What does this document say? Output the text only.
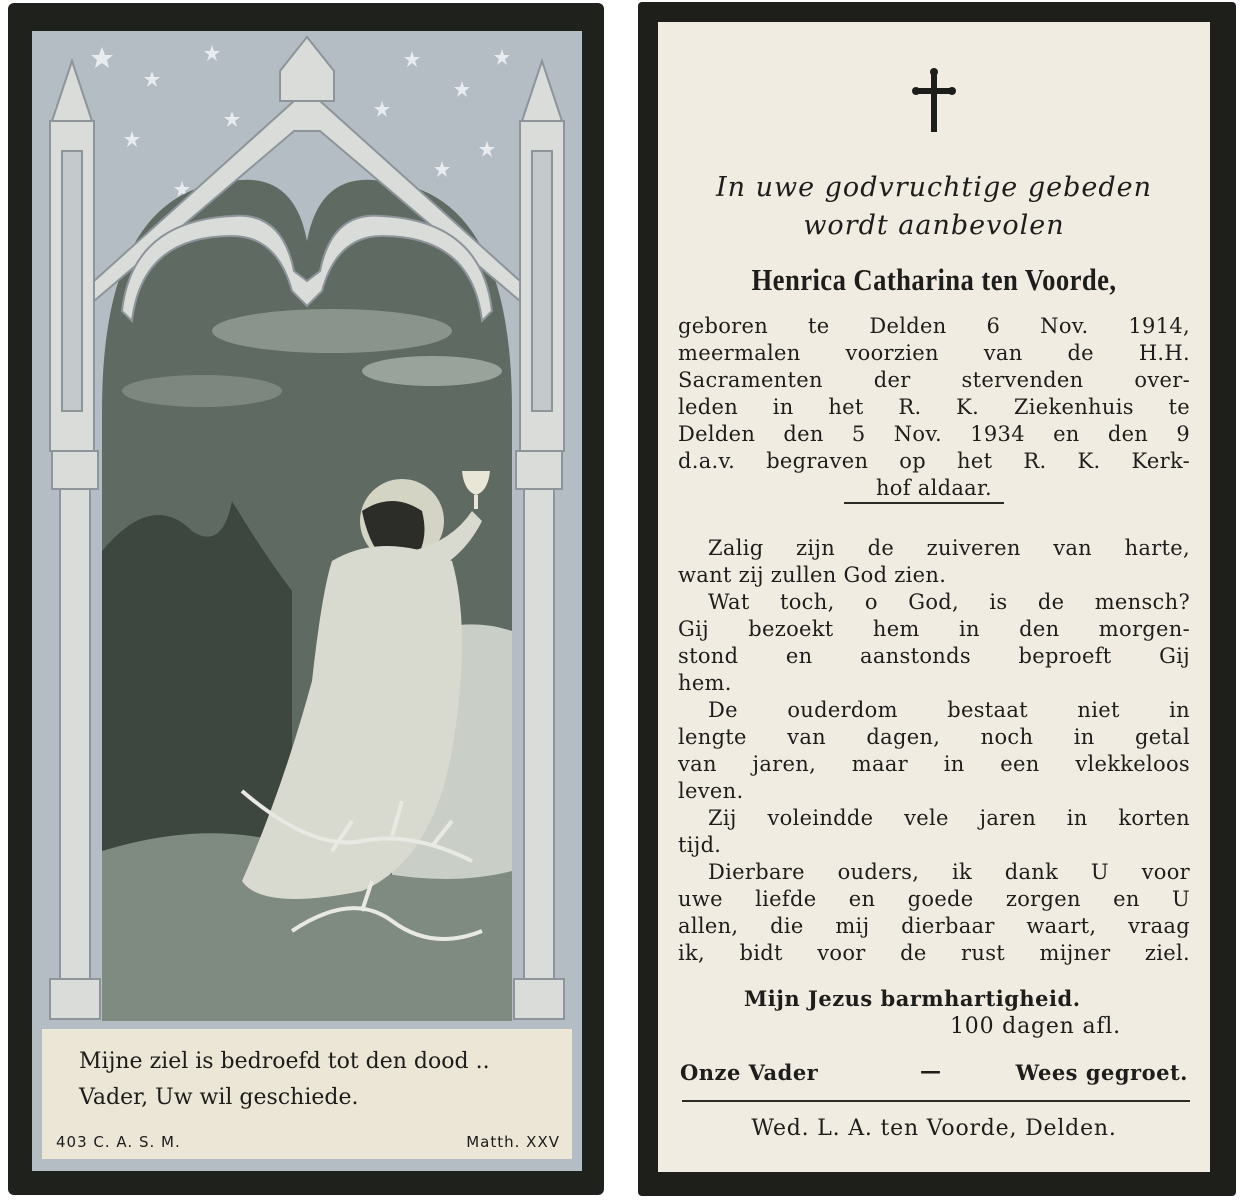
Mijne ziel is bedroefd tot den dood ..
Vader, Uw wil geschiede.
403 C. A. S. M.	Matth. XXV
In uwe godvruchtige gebeden
wordt aanbevolen
Henrica Catharina ten Voorde,
geboren te Delden 6 Nov. 1914,
meermalen voorzien van de H.H.
Sacramenten der stervenden over-
leden in het R. K. Ziekenhuis te
Delden den 5 Nov. 1934 en den 9
d.a.v. begraven op het R. K. Kerk-
hof aldaar.
Zalig zijn de zuiveren van harte,
want zij zullen God zien.
Wat toch, o God, is de mensch?
Gij bezoekt hem in den morgen-
stond en aanstonds beproeft Gij
hem.
De ouderdom bestaat niet in
lengte van dagen, noch in getal
van jaren, maar in een vlekkeloos
leven.
Zij voleindde vele jaren in korten
tijd.
Dierbare ouders, ik dank U voor
uwe liefde en goede zorgen en U
allen, die mij dierbaar waart, vraag
ik, bidt voor de rust mijner ziel.
Mijn Jezus barmhartigheid.
100 dagen afl.
Onze Vader	—	Wees gegroet.
Wed. L. A. ten Voorde, Delden.
